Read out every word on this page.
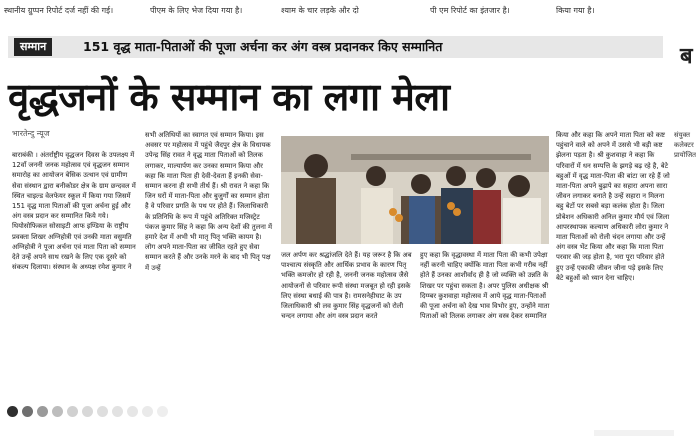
स्थानीय ग्रुप्पन रिपोर्ट दर्ज नहीं की गई।	पीएम के लिए भेज दिया गया है।	श्याम के चार लड़के और दो	पी एम रिपोर्ट का इंतजार है।	किया गया है।
सम्मान	151 वृद्ध माता-पिताओं की पूजा अर्चना कर अंग वस्त्र प्रदानकर किए सम्मानित	ब
वृद्धजनों के सम्मान का लगा मेला
भारतेन्दु न्यूज
बाराबंकी । अंतर्राष्ट्रीय वृद्धजन दिवस के उपलक्ष्य में 12वाँ जननी जनक महोत्सव एवं वृद्धजन सम्मान समारोह का आयोजन बेसिक उत्थान एवं ग्रामीण सेवा संस्थान द्वारा बनीकोडर क्षेत्र के ग्राम छन्दवल में स्थित चाइल्ड वेलफेयर स्कूल में किया गया जिसमें 151 वृद्ध माता पिताओं की पूजा अर्चना हुई और अंग वस्त्र प्रदान कर सम्मानित किये गये। थियोसोफिकल सोसाइटी आफ इण्डिया के राष्ट्रीय प्रवक्ता शिखर अग्निहोत्री एवं उनकी माता वसुमति अग्निहोत्री ने पूजा अर्चना एवं माता पिता को सम्मान देते उन्हें अपने साथ रखने के लिए एक दूसरे को संकल्प दिलाया। संस्थान के अध्यक्ष रमेश कुमार ने
सभी अतिथियों का स्वागत एवं सम्मान किया। इस अवसर पर महोत्सव में पहुंचे जैदपुर क्षेत्र के विधायक उपेन्द्र सिंह रावत ने वृद्ध माता पिताओं को तिलक लगाकर, माल्यार्पण कर उनका सम्मान किया और कहा कि माता पिता ही देवी-देवता हैं इनकी सेवा-सम्मान करना ही सभी तीर्थ हैं। श्री रावत ने कहा कि जिन घरों में माता-पिता और बुजुर्गों का सम्मान होता है वे परिवार प्रगति के पथ पर होते हैं। जिलाधिकारी के प्रतिनिधि के रूप में पहुंचे अतिरिक्त मजिस्ट्रेट पंकज कुमार सिंह ने कहा कि अन्य देशों की तुलना में हमारे देश में अभी भी मातृ पितृ भक्ति कायम है। लोग अपने माता-पिता का जीवित रहते हुए सेवा सम्मान करते हैं और उनके मरने के बाद भी पितृ पक्ष में उन्हें
जल अर्पण कर श्रद्धांजलि देते हैं। यह जरूर है कि अब पाश्चात्य संस्कृति और आर्थिक प्रभाव के कारण पितृ भक्ति कमजोर हो रही है, जननी जनक महोत्सव जैसे आयोजनों से परिवार रूपी संस्था मजबूत हो रही इसके लिए संस्था बधाई की पात्र है। रामसनेहीघाट के उप जिलाधिकारी श्री लव कुमार सिंह वृद्धजनों को रोली चन्दन लगाया और अंग वस्त्र प्रदान करते
हुए कहा कि वृद्धावस्था में माता पिता की कभी उपेक्षा नहीं करनी चाहिए क्योंकि माता पिता कभी गरीब नहीं होते हैं उनका आशीर्वाद ही है जो व्यक्ति को उन्नति के शिखर पर पहुंचा सकता है। अपर पुलिस अधीक्षक श्री दिग्म्बर कुशवाहा महोत्सव में आये वृद्ध माता-पिताओं की पूजा अर्चना को देख भाव विभोर हुए, उन्होंने माता पिताओं को तिलक लगाकर अंग वस्त्र देकर सम्मानित
किया और कहा कि अपने माता पिता को कष्ट पहुंचाने वाले को अपने में उससे भी बड़ी कष्ट झेलना पड़ता है। श्री कुशवाहा ने कहा कि परिवारों में धन सम्पत्ति के झगड़े बढ़ रहे है, बेटे बहुओं में वृद्ध माता-पिता की बांटा जा रहे हैं जो माता-पिता अपने बुढ़ापे का सहारा अपना सारा जीवन लगाकर बनाते है उन्हें सहारा न मिलना बहु बेटों पर सबसे बड़ा कलंक होता है। जिला प्रोबेशन अधिकारी अनिल कुमार मौर्य एवं जिला आपरस्थापक कल्याण अधिकारी लोरा कुमार ने माता पिताओं को रोली चंदन लगाया और उन्हें अंग वस्त्र भेंट किया और कहा कि माता पिता परवार की जड़ होता है, भरा पूरा परिवार होते हुए उन्हें एकाकी जीवन जीना पड़े इसके लिए बेटे बहुओं को ध्यान देना चाहिए।
संयुक्त कलेक्टर प्रायोजित
